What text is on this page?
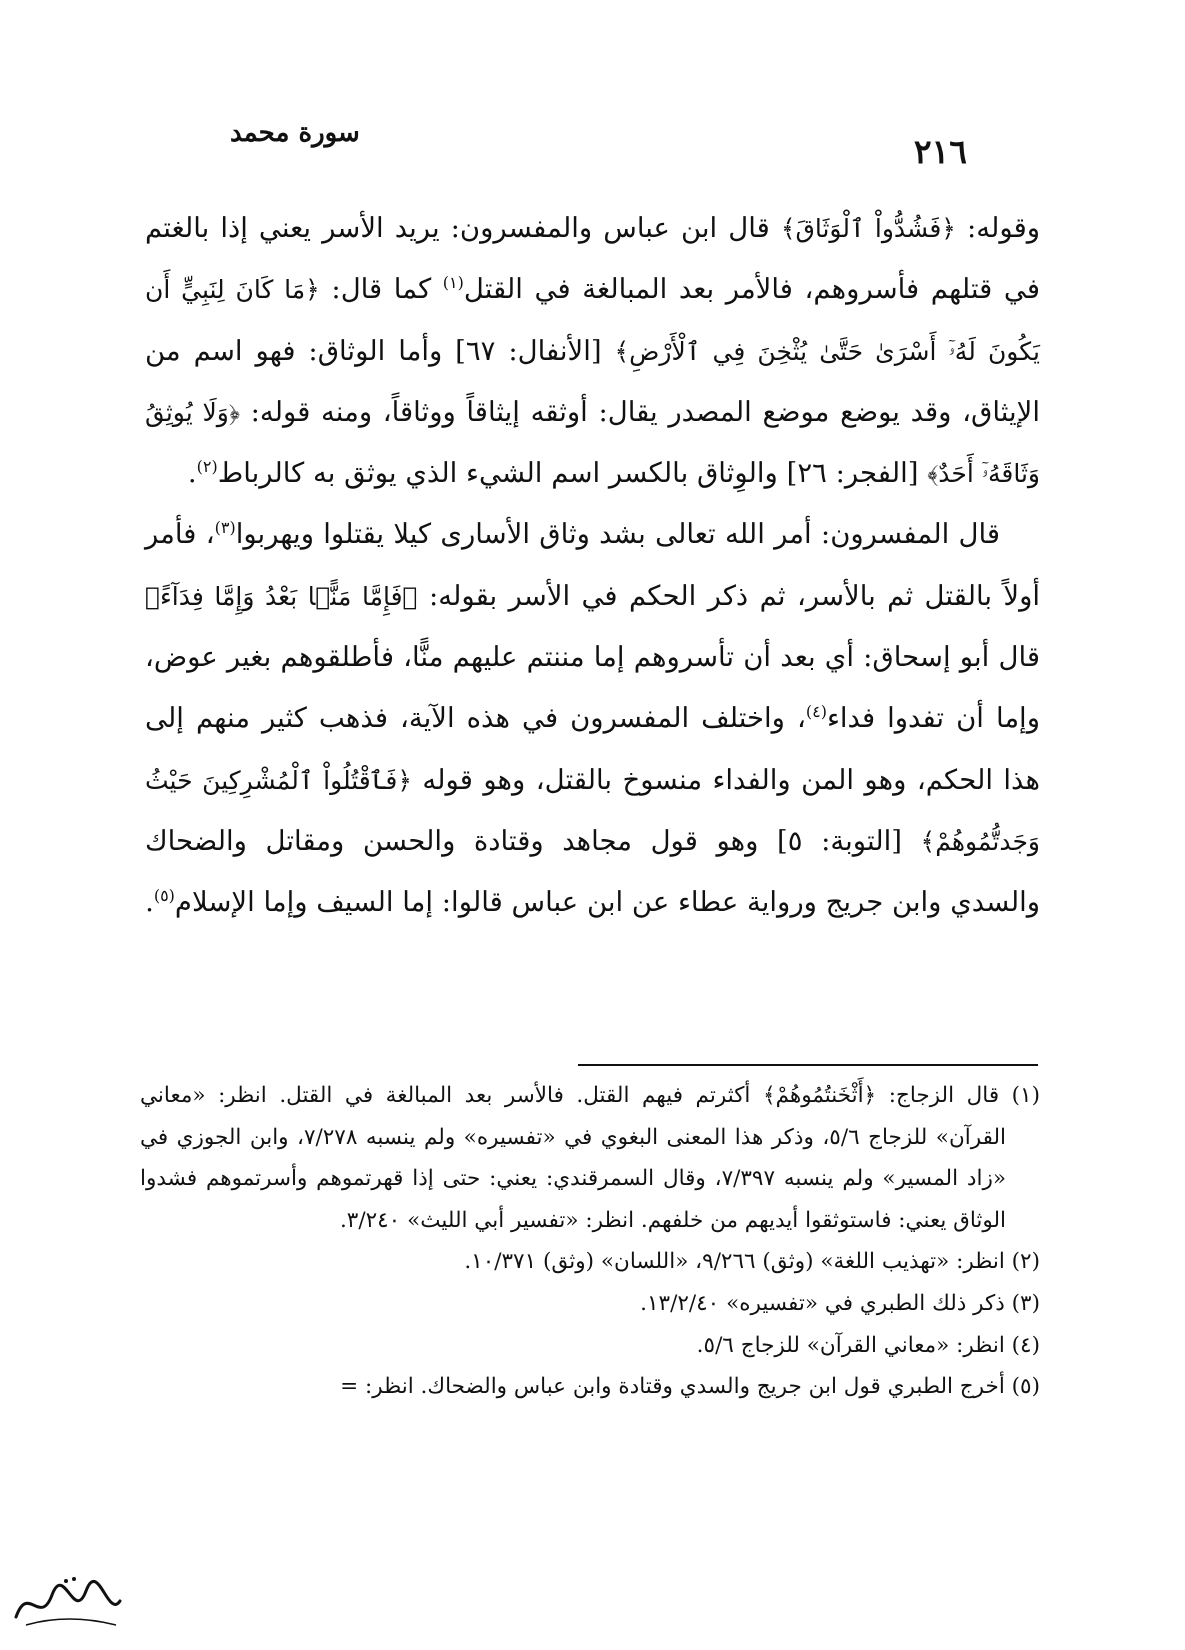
٢١٦
سورة محمد

وقوله: ﴿فَشُدُّواْ ٱلْوَثَاقَ﴾ قال ابن عباس والمفسرون: يريد الأسر يعني إذا بالغتم في قتلهم فأسروهم، فالأمر بعد المبالغة في القتل$^{(١)}$ كما قال: ﴿مَا كَانَ لِنَبِيٍّ أَن يَكُونَ لَهُۥٓ أَسْرَىٰ حَتَّىٰ يُثْخِنَ فِي ٱلْأَرْضِ﴾ [الأنفال: ٦٧] وأما الوثاق: فهو اسم من الإيثاق، وقد يوضع موضع المصدر يقال: أوثقه إيثاقاً ووثاقاً، ومنه قوله: ﴿وَلَا يُوثِقُ وَثَاقَهُۥٓ أَحَدٌ﴾ [الفجر: ٢٦] والوِثاق بالكسر اسم الشيء الذي يوثق به كالرباط$^{(٢)}$.

قال المفسرون: أمر الله تعالى بشد وثاق الأسارى كيلا يقتلوا ويهربوا$^{(٣)}$، فأمر أولاً بالقتل ثم بالأسر، ثم ذكر الحكم في الأسر بقوله: ﴿فَإِمَّا مَنًّۢا بَعْدُ وَإِمَّا فِدَآءً﴾ قال أبو إسحاق: أي بعد أن تأسروهم إما مننتم عليهم منًّا، فأطلقوهم بغير عوض، وإما أن تفدوا فداء$^{(٤)}$، واختلف المفسرون في هذه الآية، فذهب كثير منهم إلى هذا الحكم، وهو المن والفداء منسوخ بالقتل، وهو قوله ﴿فَٱقْتُلُواْ ٱلْمُشْرِكِينَ حَيْثُ وَجَدتُّمُوهُمْ﴾ [التوبة: ٥] وهو قول مجاهد وقتادة والحسن ومقاتل والضحاك والسدي وابن جريج ورواية عطاء عن ابن عباس قالوا: إما السيف وإما الإسلام$^{(٥)}$.

(١) قال الزجاج: ﴿أَثْخَنتُمُوهُمْ﴾ أكثرتم فيهم القتل. فالأسر بعد المبالغة في القتل. انظر: «معاني القرآن» للزجاج ٥/٦، وذكر هذا المعنى البغوي في «تفسيره» ولم ينسبه ٧/٢٧٨، وابن الجوزي في «زاد المسير» ولم ينسبه ٧/٣٩٧، وقال السمرقندي: يعني: حتى إذا قهرتموهم وأسرتموهم فشدوا الوثاق يعني: فاستوثقوا أيديهم من خلفهم. انظر: «تفسير أبي الليث» ٣/٢٤٠.

(٢) انظر: «تهذيب اللغة» (وثق) ٩/٢٦٦، «اللسان» (وثق) ١٠/٣٧١.

(٣) ذكر ذلك الطبري في «تفسيره» ١٣/٢/٤٠.

(٤) انظر: «معاني القرآن» للزجاج ٥/٦.

(٥) أخرج الطبري قول ابن جريج والسدي وقتادة وابن عباس والضحاك. انظر: =
